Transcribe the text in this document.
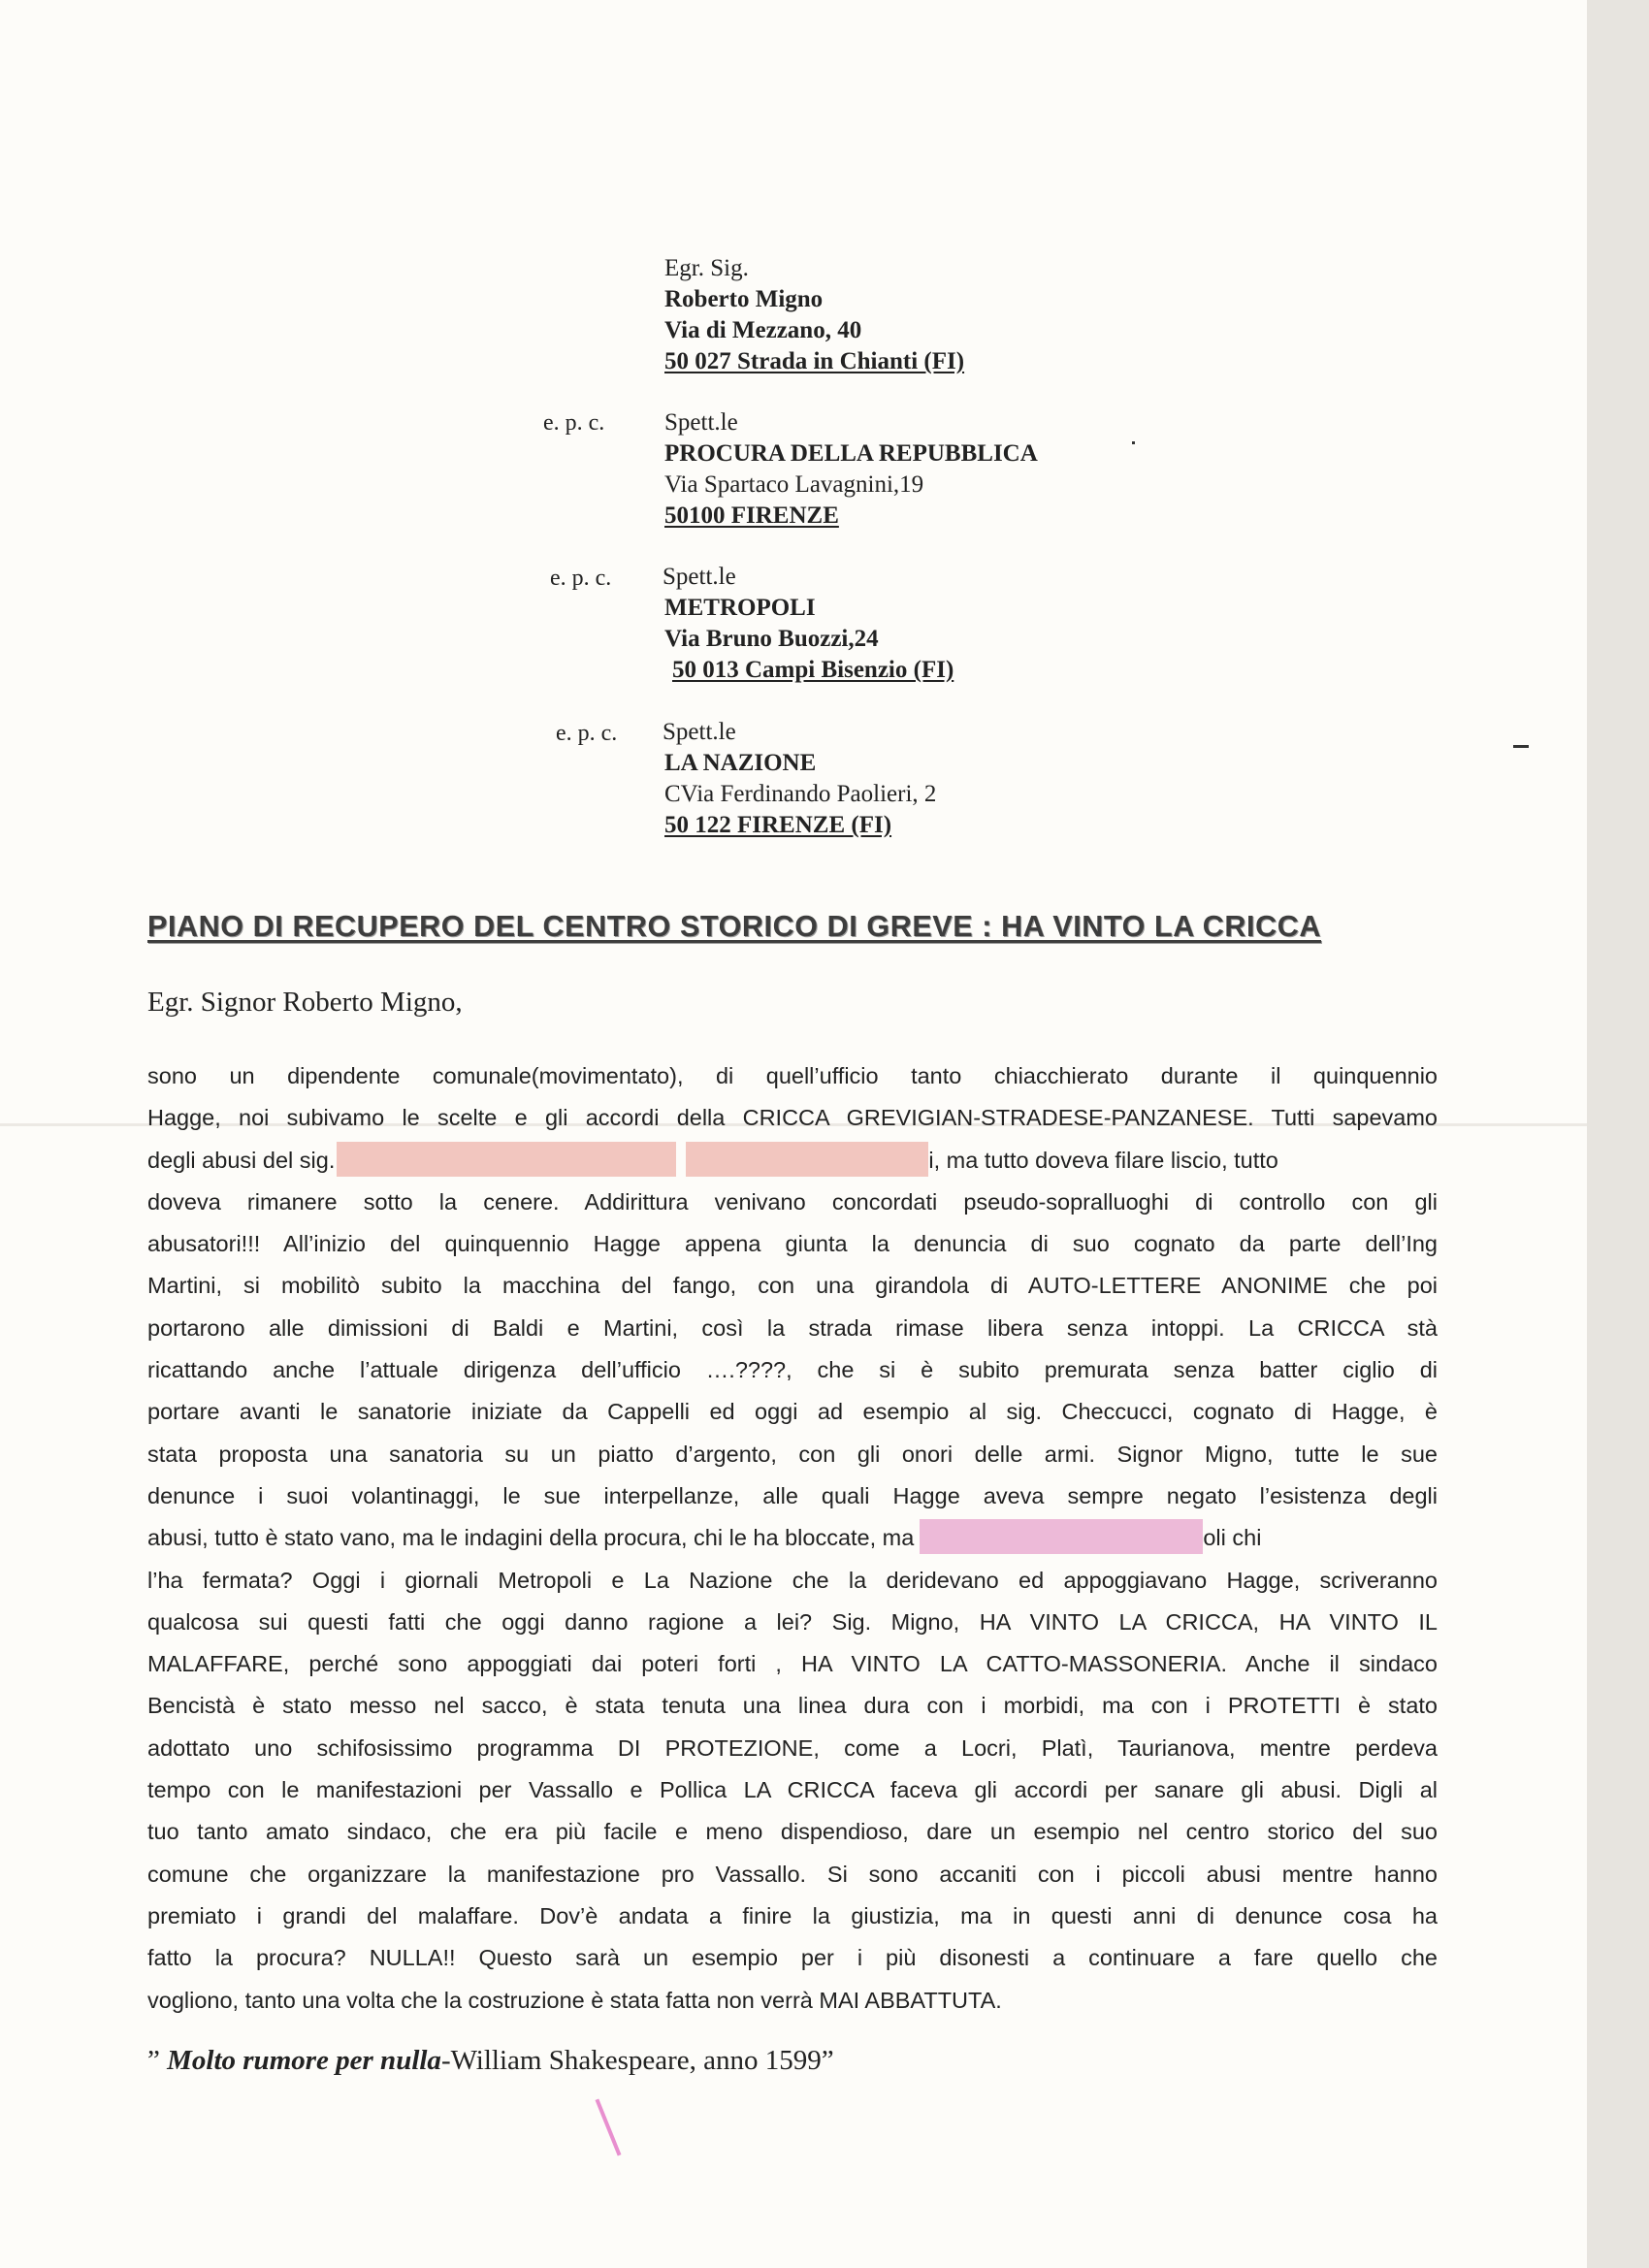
Egr. Sig.
Roberto Migno
Via di Mezzano, 40
50 027 Strada in Chianti (FI)
e. p. c. Spett.le
PROCURA DELLA REPUBBLICA
Via Spartaco Lavagnini,19
50100 FIRENZE
e. p. c. Spett.le
METROPOLI
Via Bruno Buozzi,24
50 013 Campi Bisenzio (FI)
e. p. c. Spett.le
LA NAZIONE
CVia Ferdinando Paolieri, 2
50 122 FIRENZE (FI)
PIANO DI RECUPERO DEL CENTRO STORICO DI GREVE : HA VINTO LA CRICCA
Egr. Signor Roberto Migno,
sono un dipendente comunale(movimentato), di quell’ufficio tanto chiacchierato durante il quinquennio
Hagge, noi subivamo le scelte e gli accordi della CRICCA GREVIGIAN-STRADESE-PANZANESE. Tutti sapevamo
degli abusi del sig.	i, ma tutto doveva filare liscio, tutto
doveva rimanere sotto la cenere. Addirittura venivano concordati pseudo-sopralluoghi di controllo con gli
abusatori!!! All’inizio del quinquennio Hagge appena giunta la denuncia di suo cognato da parte dell’Ing
Martini, si mobilitò subito la macchina del fango, con una girandola di AUTO-LETTERE ANONIME che poi
portarono alle dimissioni di Baldi e Martini, così la strada rimase libera senza intoppi. La CRICCA stà
ricattando anche l’attuale dirigenza dell’ufficio ….????, che si è subito premurata senza batter ciglio di
portare avanti le sanatorie iniziate da Cappelli ed oggi ad esempio al sig. Checcucci, cognato di Hagge, è
stata proposta una sanatoria su un piatto d’argento, con gli onori delle armi. Signor Migno, tutte le sue
denunce i suoi volantinaggi, le sue interpellanze, alle quali Hagge aveva sempre negato l’esistenza degli
abusi, tutto è stato vano, ma le indagini della procura, chi le ha bloccate, ma	oli chi
l’ha fermata? Oggi i giornali Metropoli e La Nazione che la deridevano ed appoggiavano Hagge, scriveranno
qualcosa sui questi fatti che oggi danno ragione a lei? Sig. Migno, HA VINTO LA CRICCA, HA VINTO IL
MALAFFARE, perché sono appoggiati dai poteri forti , HA VINTO LA CATTO-MASSONERIA. Anche il sindaco
Bencistà è stato messo nel sacco, è stata tenuta una linea dura con i morbidi, ma con i PROTETTI è stato
adottato uno schifosissimo programma DI PROTEZIONE, come a Locri, Platì, Taurianova, mentre perdeva
tempo con le manifestazioni per Vassallo e Pollica LA CRICCA faceva gli accordi per sanare gli abusi. Digli al
tuo tanto amato sindaco, che era più facile e meno dispendioso, dare un esempio nel centro storico del suo
comune che organizzare la manifestazione pro Vassallo. Si sono accaniti con i piccoli abusi mentre hanno
premiato i grandi del malaffare. Dov’è andata a finire la giustizia, ma in questi anni di denunce cosa ha
fatto la procura? NULLA!! Questo sarà un esempio per i più disonesti a continuare a fare quello che
vogliono, tanto una volta che la costruzione è stata fatta non verrà MAI ABBATTUTA.
” Molto rumore per nulla-William Shakespeare, anno 1599”
